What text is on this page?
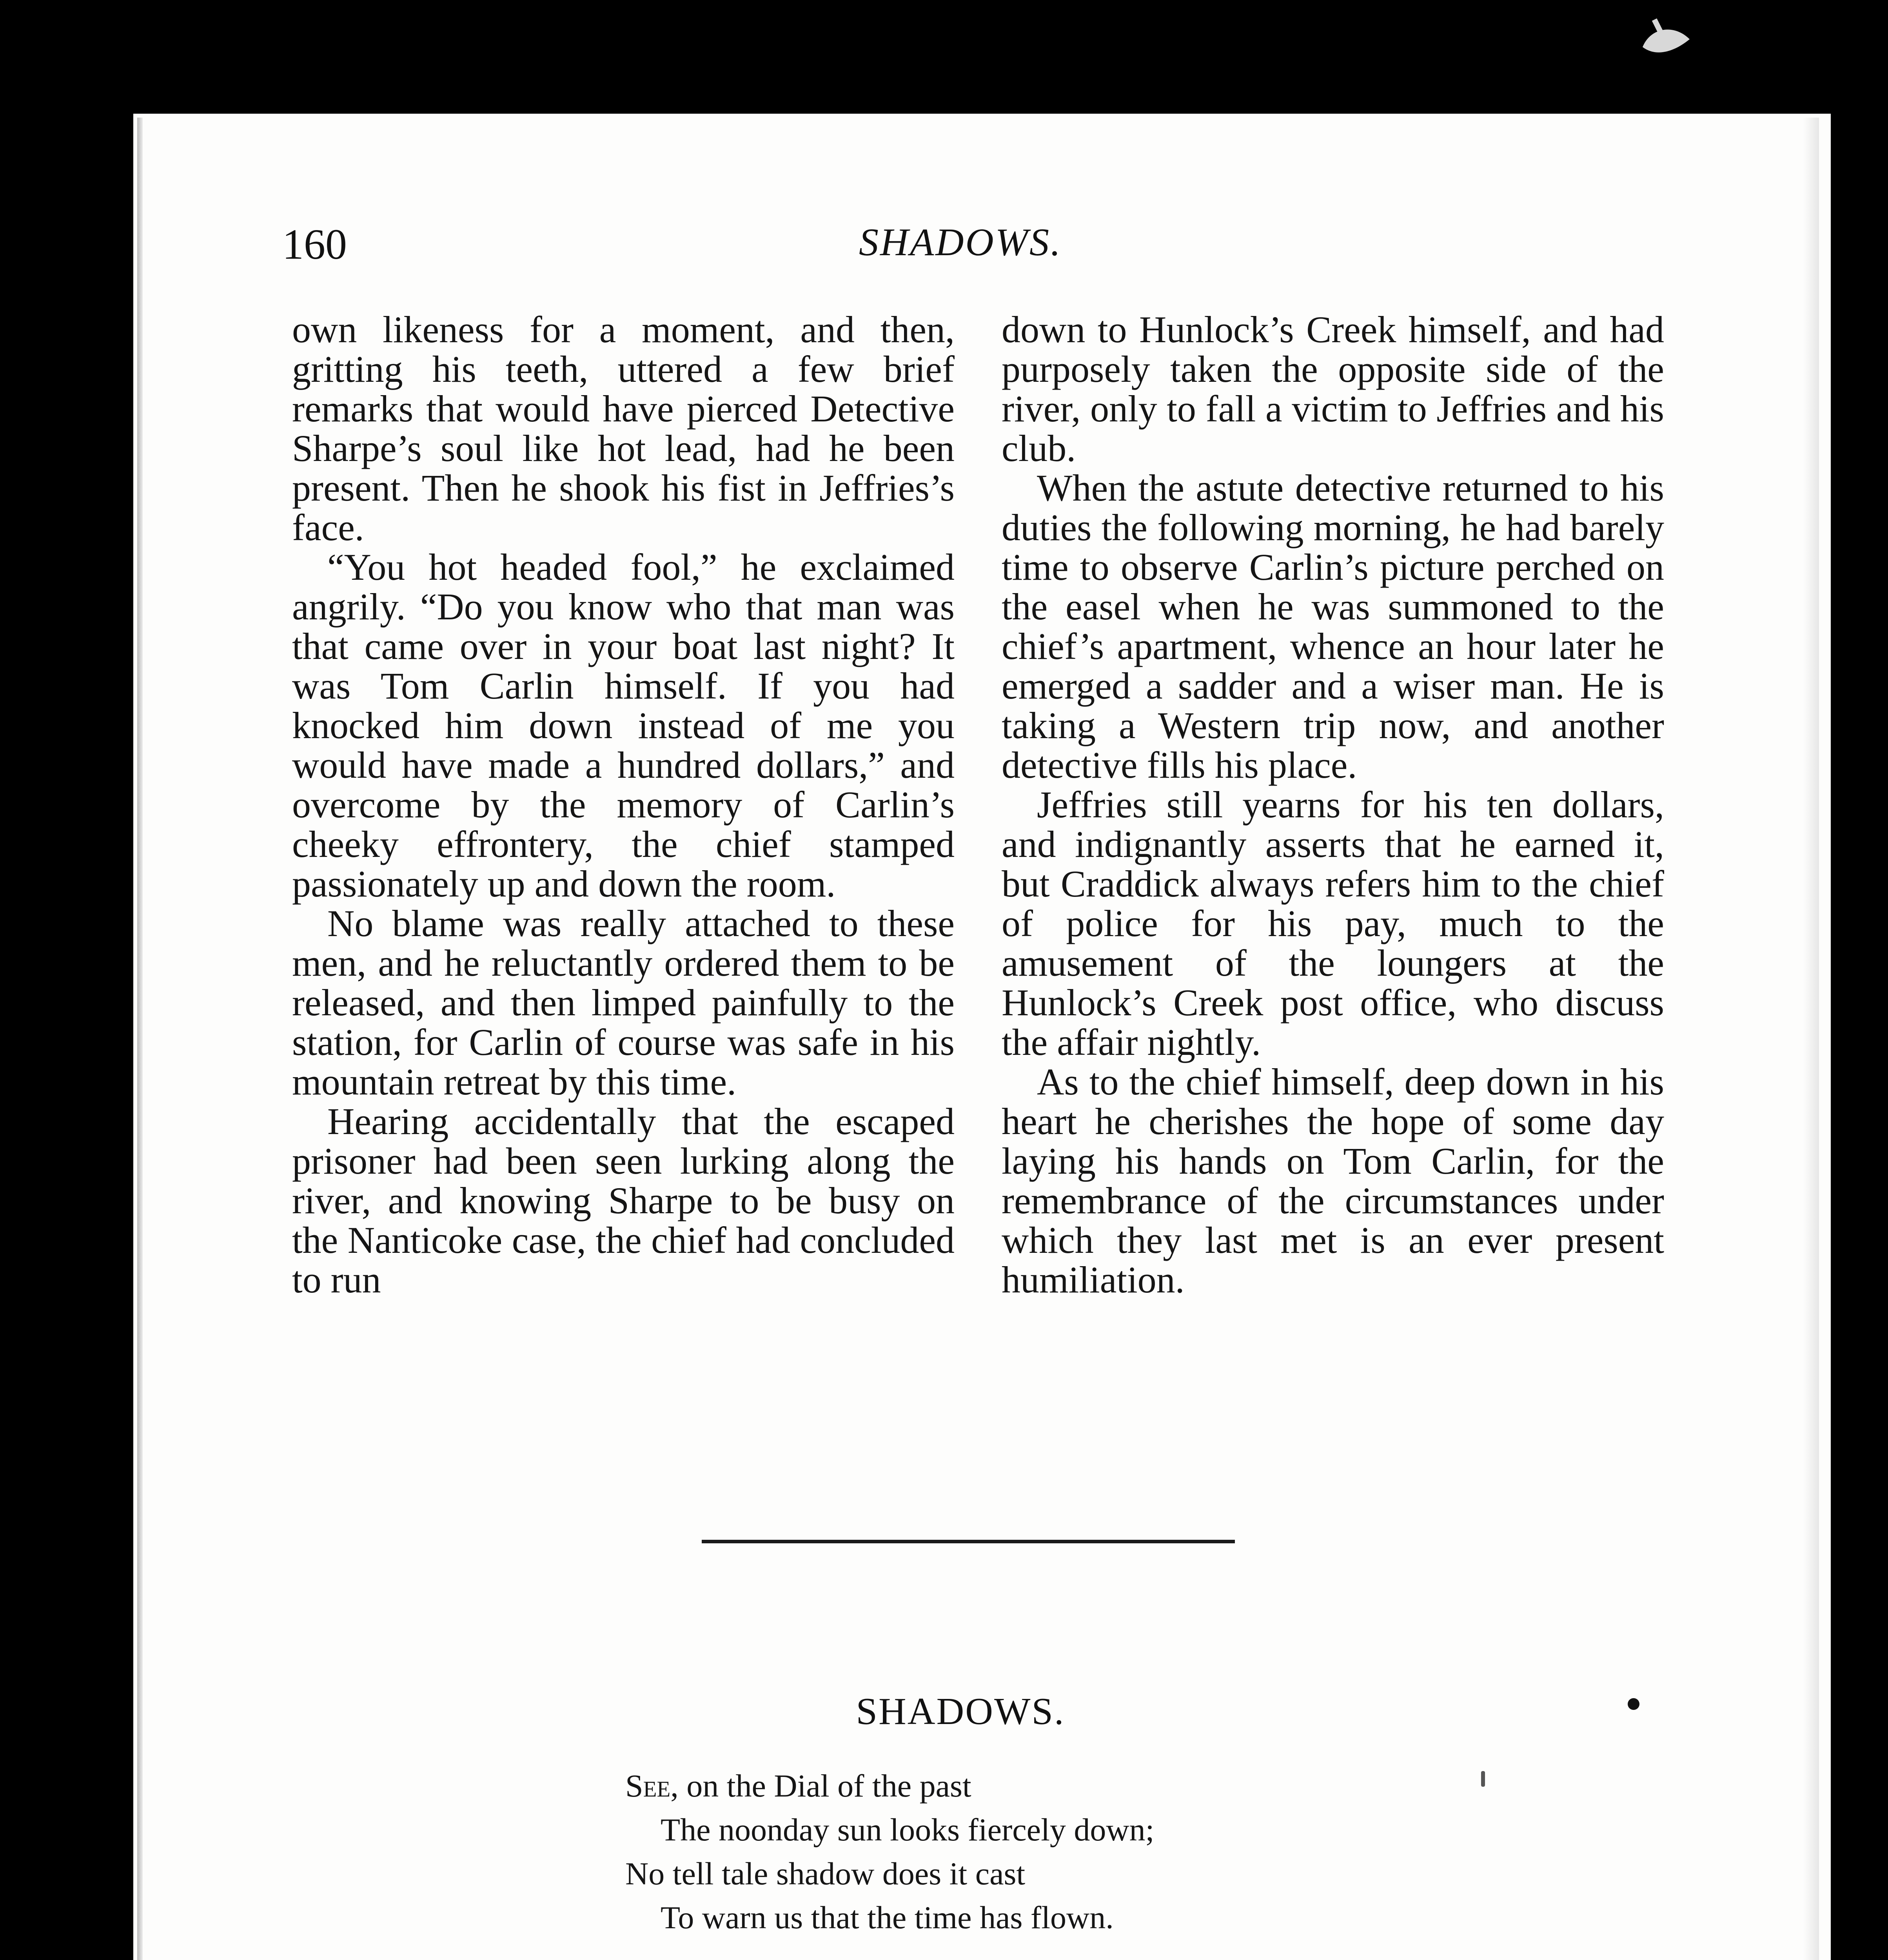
160	SHADOWS.

own likeness for a moment, and then, gritting his teeth, uttered a few brief remarks that would have pierced Detective Sharpe’s soul like hot lead, had he been present. Then he shook his fist in Jeffries’s face.

“You hot headed fool,” he exclaimed angrily. “Do you know who that man was that came over in your boat last night? It was Tom Carlin himself. If you had knocked him down instead of me you would have made a hundred dollars,” and overcome by the memory of Carlin’s cheeky effrontery, the chief stamped passionately up and down the room.

No blame was really attached to these men, and he reluctantly ordered them to be released, and then limped painfully to the station, for Carlin of course was safe in his mountain retreat by this time.

Hearing accidentally that the escaped prisoner had been seen lurking along the river, and knowing Sharpe to be busy on the Nanticoke case, the chief had concluded to run

down to Hunlock’s Creek himself, and had purposely taken the opposite side of the river, only to fall a victim to Jeffries and his club.

When the astute detective returned to his duties the following morning, he had barely time to observe Carlin’s picture perched on the easel when he was summoned to the chief’s apartment, whence an hour later he emerged a sadder and a wiser man. He is taking a Western trip now, and another detective fills his place.

Jeffries still yearns for his ten dollars, and indignantly asserts that he earned it, but Craddick always refers him to the chief of police for his pay, much to the amusement of the loungers at the Hunlock’s Creek post office, who discuss the affair nightly.

As to the chief himself, deep down in his heart he cherishes the hope of some day laying his hands on Tom Carlin, for the remembrance of the circumstances under which they last met is an ever present humiliation.

SHADOWS.
See, on the Dial of the past
The noonday sun looks fiercely down;
No tell tale shadow does it cast
To warn us that the time has flown.
